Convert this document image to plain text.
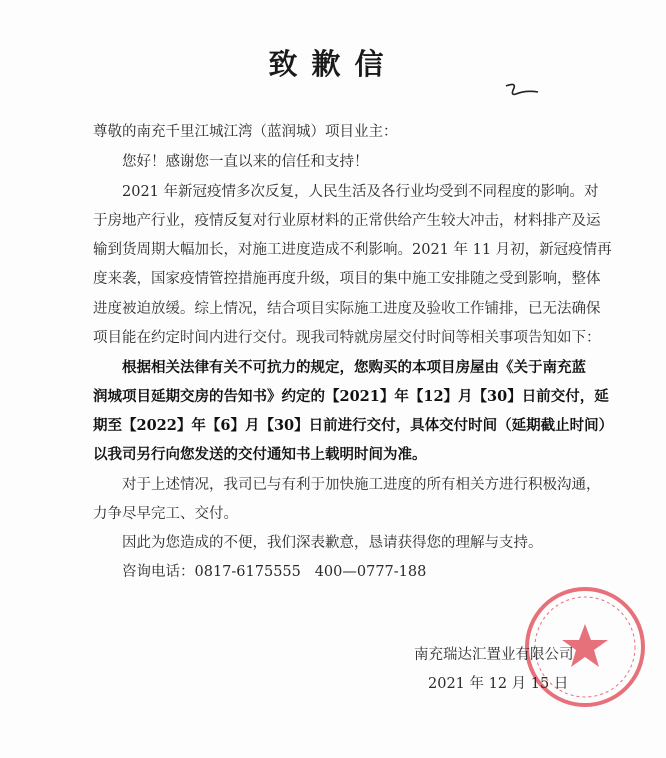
致歉信
尊敬的南充千里江城江湾（蓝润城）项目业主：
您好！感谢您一直以来的信任和支持！
2021 年新冠疫情多次反复，人民生活及各行业均受到不同程度的影响。对
于房地产行业，疫情反复对行业原材料的正常供给产生较大冲击，材料排产及运
输到货周期大幅加长，对施工进度造成不利影响。2021 年 11 月初，新冠疫情再
度来袭，国家疫情管控措施再度升级，项目的集中施工安排随之受到影响，整体
进度被迫放缓。综上情况，结合项目实际施工进度及验收工作铺排，已无法确保
项目能在约定时间内进行交付。现我司特就房屋交付时间等相关事项告知如下：
根据相关法律有关不可抗力的规定，您购买的本项目房屋由《关于南充蓝
润城项目延期交房的告知书》约定的【2021】年【12】月【30】日前交付，延
期至【2022】年【6】月【30】日前进行交付，具体交付时间（延期截止时间）
以我司另行向您发送的交付通知书上载明时间为准。
对于上述情况，我司已与有利于加快施工进度的所有相关方进行积极沟通，
力争尽早完工、交付。
因此为您造成的不便，我们深表歉意，恳请获得您的理解与支持。
咨询电话：0817-6175555   400—0777-188
南充瑞达汇置业有限公司
2021 年 12 月 15 日
